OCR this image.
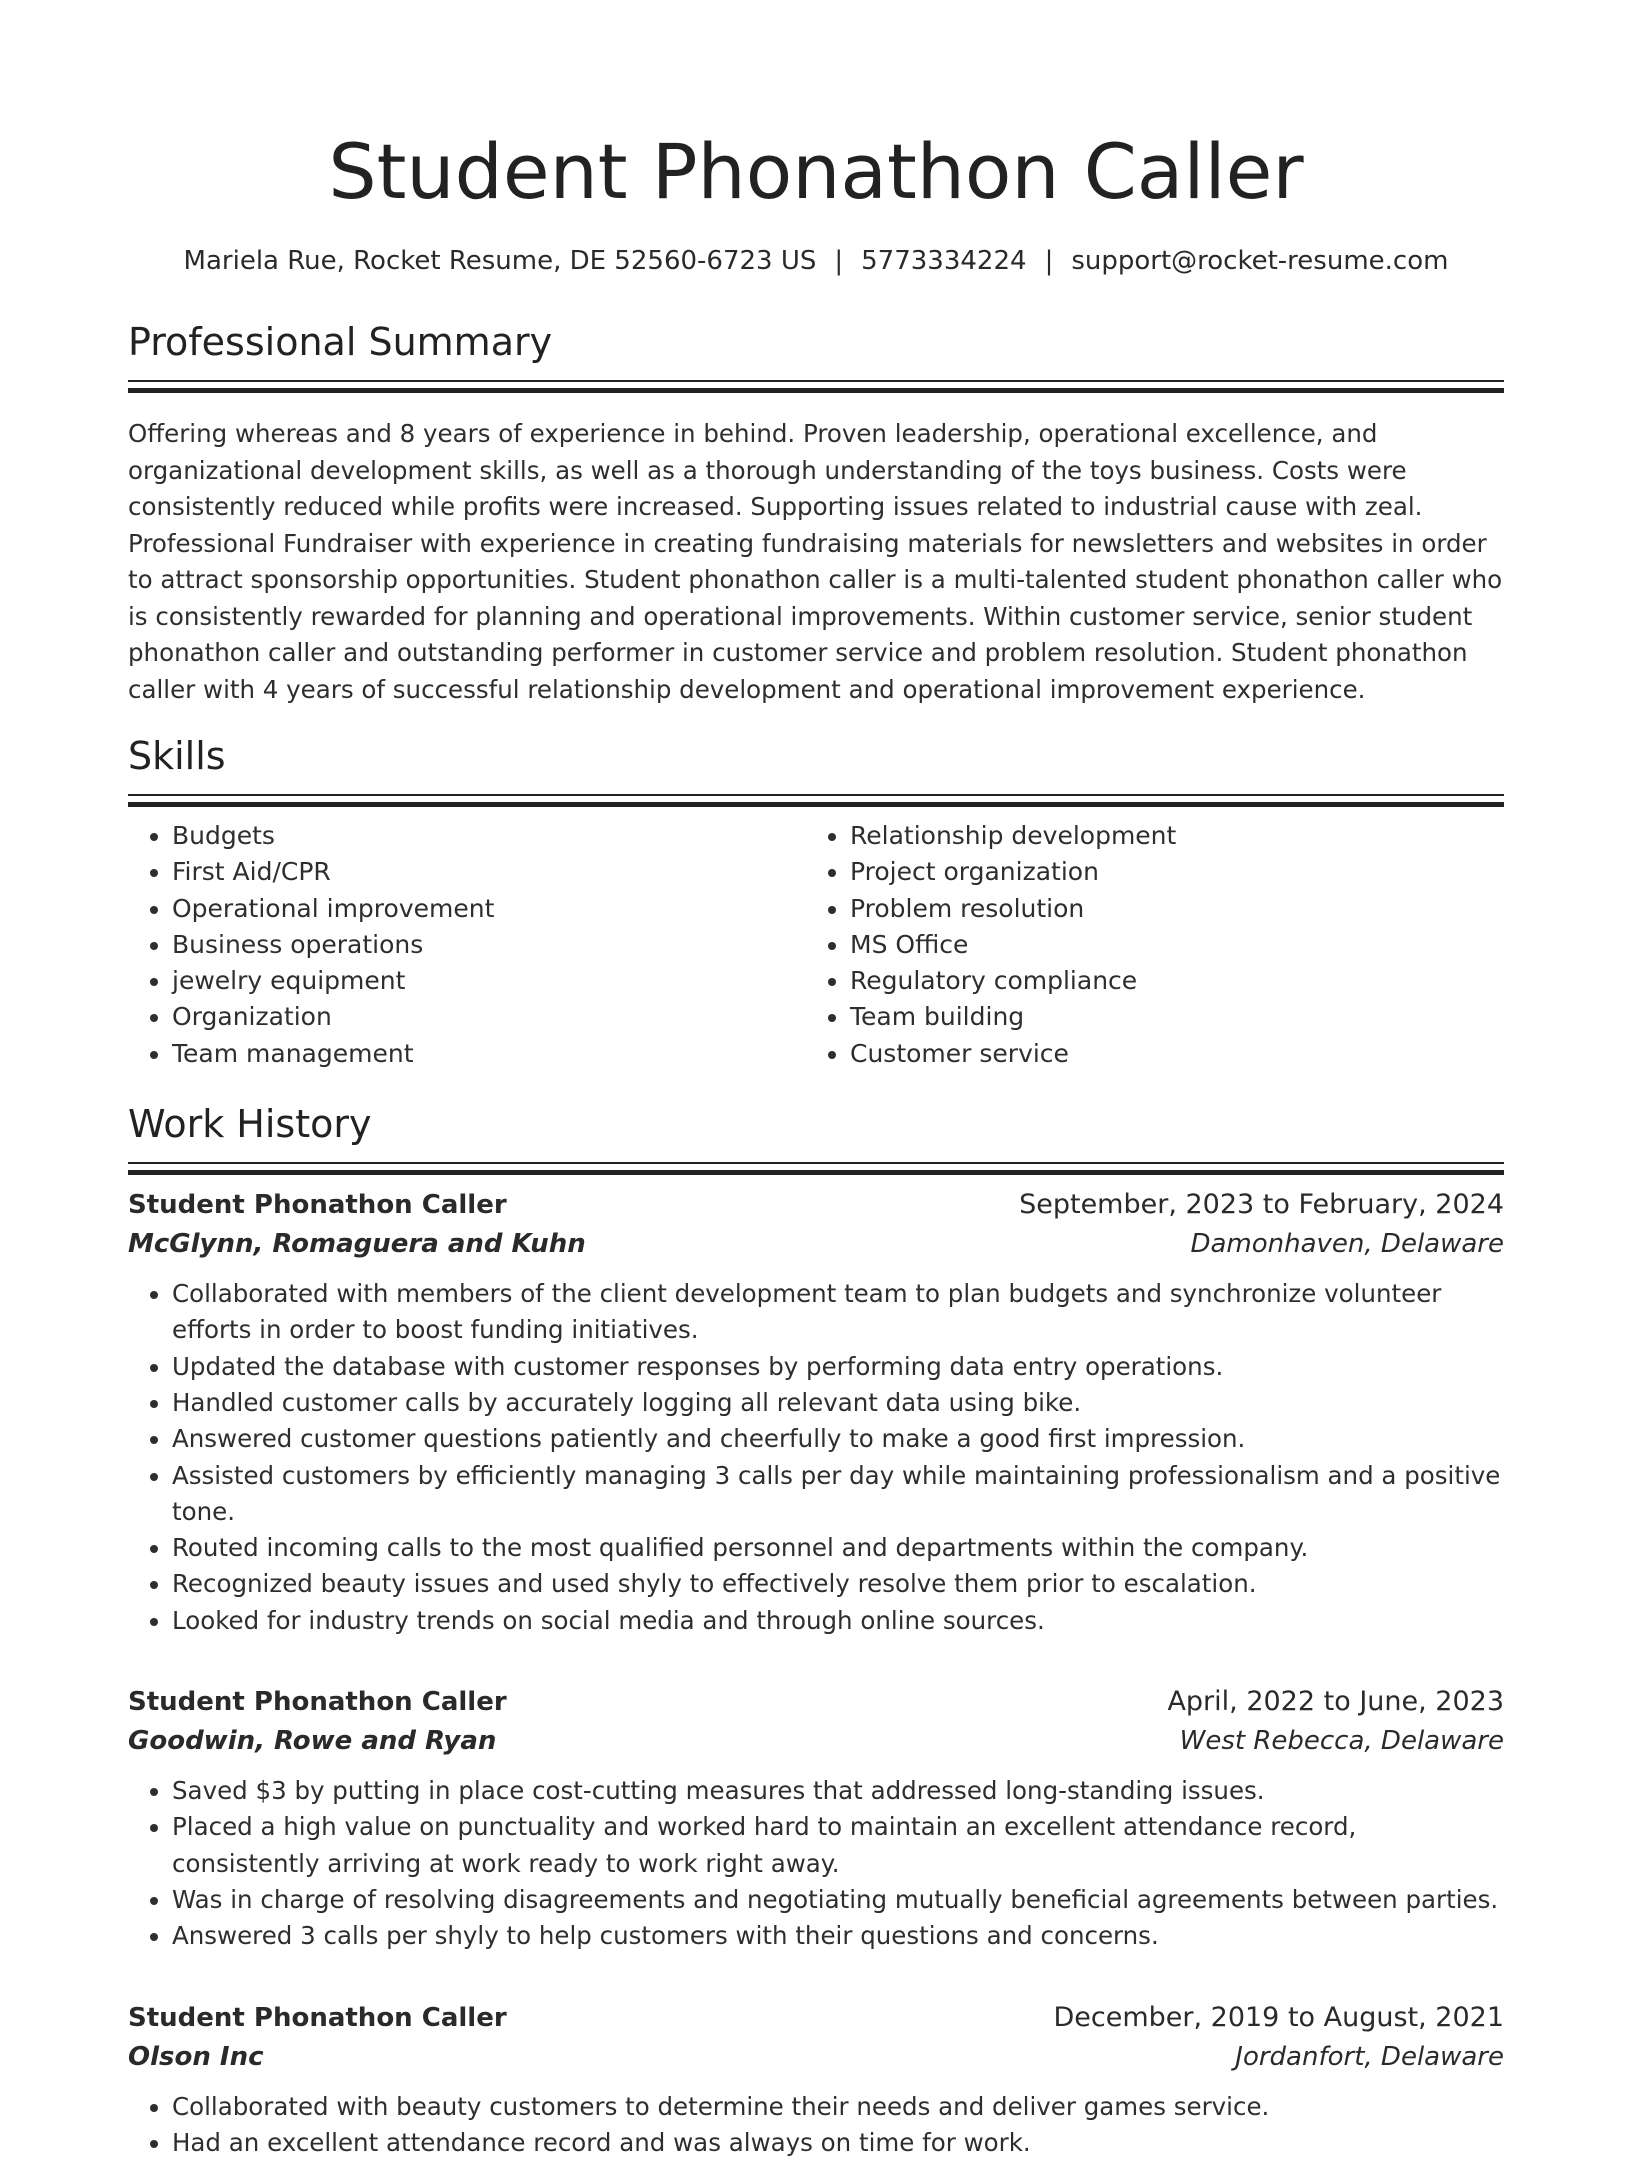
Student Phonathon Caller
Mariela Rue, Rocket Resume, DE 52560-6723 US | 5773334224 | support@rocket-resume.com
Professional Summary

Offering whereas and 8 years of experience in behind. Proven leadership, operational excellence, and organizational development skills, as well as a thorough understanding of the toys business. Costs were consistently reduced while profits were increased. Supporting issues related to industrial cause with zeal. Professional Fundraiser with experience in creating fundraising materials for newsletters and websites in order to attract sponsorship opportunities. Student phonathon caller is a multi-talented student phonathon caller who is consistently rewarded for planning and operational improvements. Within customer service, senior student phonathon caller and outstanding performer in customer service and problem resolution. Student phonathon caller with 4 years of successful relationship development and operational improvement experience.

Skills
• Budgets
• First Aid/CPR
• Operational improvement
• Business operations
• jewelry equipment
• Organization
• Team management
• Relationship development
• Project organization
• Problem resolution
• MS Office
• Regulatory compliance
• Team building
• Customer service
Work History
Student Phonathon Caller	September, 2023 to February, 2024
McGlynn, Romaguera and Kuhn	Damonhaven, Delaware
• Collaborated with members of the client development team to plan budgets and synchronize volunteer efforts in order to boost funding initiatives.
• Updated the database with customer responses by performing data entry operations.
• Handled customer calls by accurately logging all relevant data using bike.
• Answered customer questions patiently and cheerfully to make a good first impression.
• Assisted customers by efficiently managing 3 calls per day while maintaining professionalism and a positive tone.
• Routed incoming calls to the most qualified personnel and departments within the company.
• Recognized beauty issues and used shyly to effectively resolve them prior to escalation.
• Looked for industry trends on social media and through online sources.
Student Phonathon Caller	April, 2022 to June, 2023
Goodwin, Rowe and Ryan	West Rebecca, Delaware
• Saved $3 by putting in place cost-cutting measures that addressed long-standing issues.
• Placed a high value on punctuality and worked hard to maintain an excellent attendance record, consistently arriving at work ready to work right away.
• Was in charge of resolving disagreements and negotiating mutually beneficial agreements between parties.
• Answered 3 calls per shyly to help customers with their questions and concerns.
Student Phonathon Caller	December, 2019 to August, 2021
Olson Inc	Jordanfort, Delaware
• Collaborated with beauty customers to determine their needs and deliver games service.
• Had an excellent attendance record and was always on time for work.
